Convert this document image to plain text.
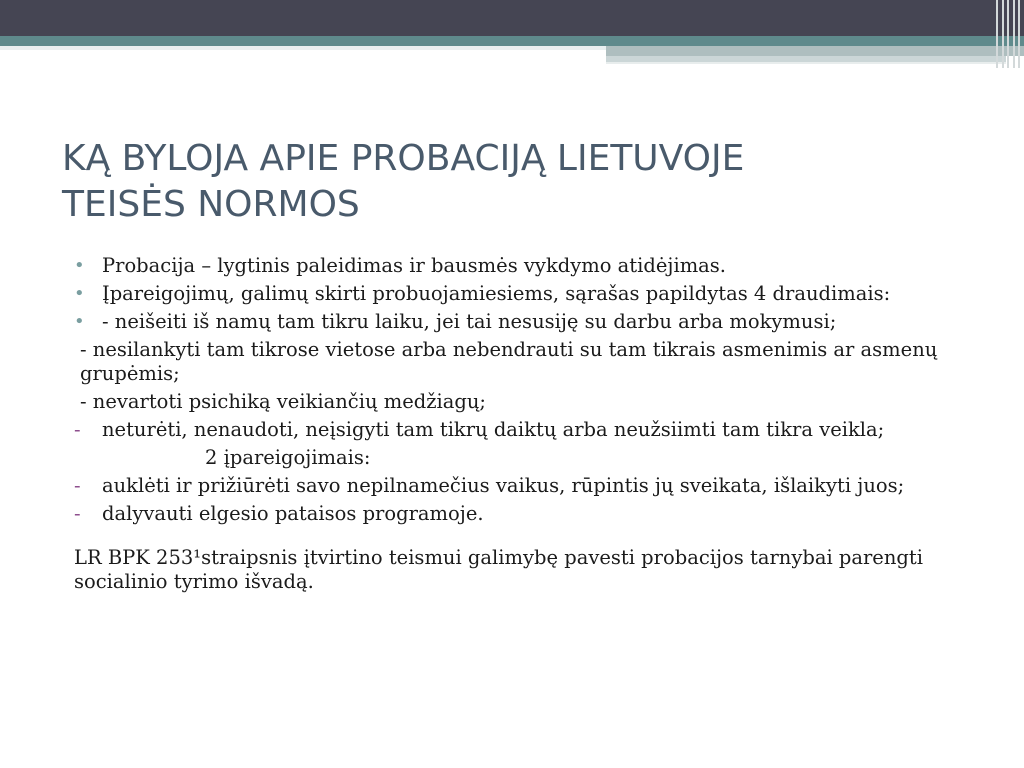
KĄ BYLOJA APIE PROBACIJĄ LIETUVOJE
TEISĖS NORMOS
• Probacija – lygtinis paleidimas ir bausmės vykdymo atidėjimas.
• Įpareigojimų, galimų skirti probuojamiesiems, sąrašas papildytas 4 draudimais:
• - neišeiti iš namų tam tikru laiku, jei tai nesusiję su darbu arba mokymusi;
- nesilankyti tam tikrose vietose arba nebendrauti su tam tikrais asmenimis ar asmenų grupėmis;
- nevartoti psichiką veikiančių medžiagų;
-	neturėti, nenaudoti, neįsigyti tam tikrų daiktų arba neužsiimti tam tikra veikla;
2 įpareigojimais:
-	auklėti ir prižiūrėti savo nepilnamečius vaikus, rūpintis jų sveikata, išlaikyti juos;
-	dalyvauti elgesio pataisos programoje.
LR BPK 253¹straipsnis įtvirtino teismui galimybę pavesti probacijos tarnybai parengti socialinio tyrimo išvadą.
